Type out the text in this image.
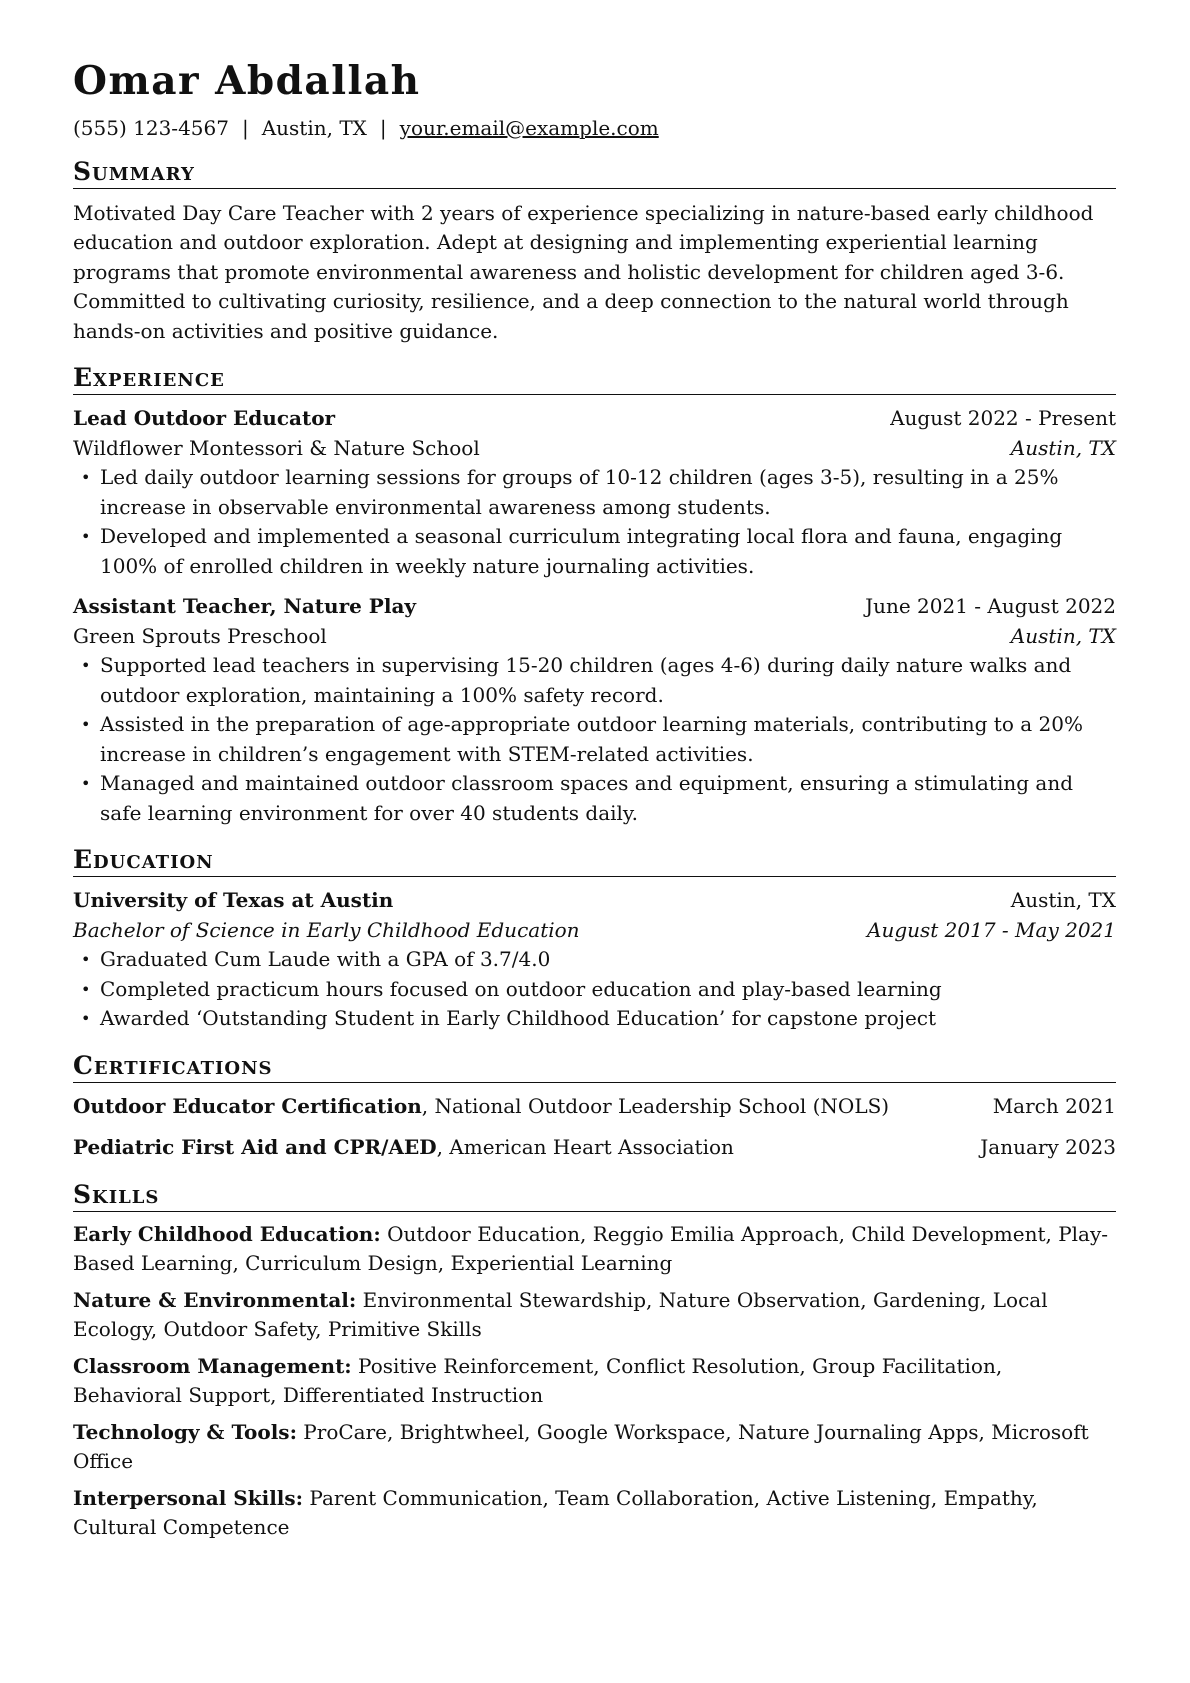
Omar Abdallah
(555) 123-4567 | Austin, TX | your.email@example.com
Summary
Motivated Day Care Teacher with 2 years of experience specializing in nature-based early childhood education and outdoor exploration. Adept at designing and implementing experiential learning programs that promote environmental awareness and holistic development for children aged 3-6. Committed to cultivating curiosity, resilience, and a deep connection to the natural world through hands-on activities and positive guidance.
Experience
Lead Outdoor Educator	August 2022 - Present
Wildflower Montessori & Nature School	Austin, TX
• Led daily outdoor learning sessions for groups of 10-12 children (ages 3-5), resulting in a 25% increase in observable environmental awareness among students.
• Developed and implemented a seasonal curriculum integrating local flora and fauna, engaging 100% of enrolled children in weekly nature journaling activities.
Assistant Teacher, Nature Play	June 2021 - August 2022
Green Sprouts Preschool	Austin, TX
• Supported lead teachers in supervising 15-20 children (ages 4-6) during daily nature walks and outdoor exploration, maintaining a 100% safety record.
• Assisted in the preparation of age-appropriate outdoor learning materials, contributing to a 20% increase in children’s engagement with STEM-related activities.
• Managed and maintained outdoor classroom spaces and equipment, ensuring a stimulating and safe learning environment for over 40 students daily.
Education
University of Texas at Austin	Austin, TX
Bachelor of Science in Early Childhood Education	August 2017 - May 2021
• Graduated Cum Laude with a GPA of 3.7/4.0
• Completed practicum hours focused on outdoor education and play-based learning
• Awarded ‘Outstanding Student in Early Childhood Education’ for capstone project
Certifications
Outdoor Educator Certification, National Outdoor Leadership School (NOLS)	March 2021
Pediatric First Aid and CPR/AED, American Heart Association	January 2023
Skills
Early Childhood Education: Outdoor Education, Reggio Emilia Approach, Child Development, Play-Based Learning, Curriculum Design, Experiential Learning
Nature & Environmental: Environmental Stewardship, Nature Observation, Gardening, Local Ecology, Outdoor Safety, Primitive Skills
Classroom Management: Positive Reinforcement, Conflict Resolution, Group Facilitation, Behavioral Support, Differentiated Instruction
Technology & Tools: ProCare, Brightwheel, Google Workspace, Nature Journaling Apps, Microsoft Office
Interpersonal Skills: Parent Communication, Team Collaboration, Active Listening, Empathy, Cultural Competence
